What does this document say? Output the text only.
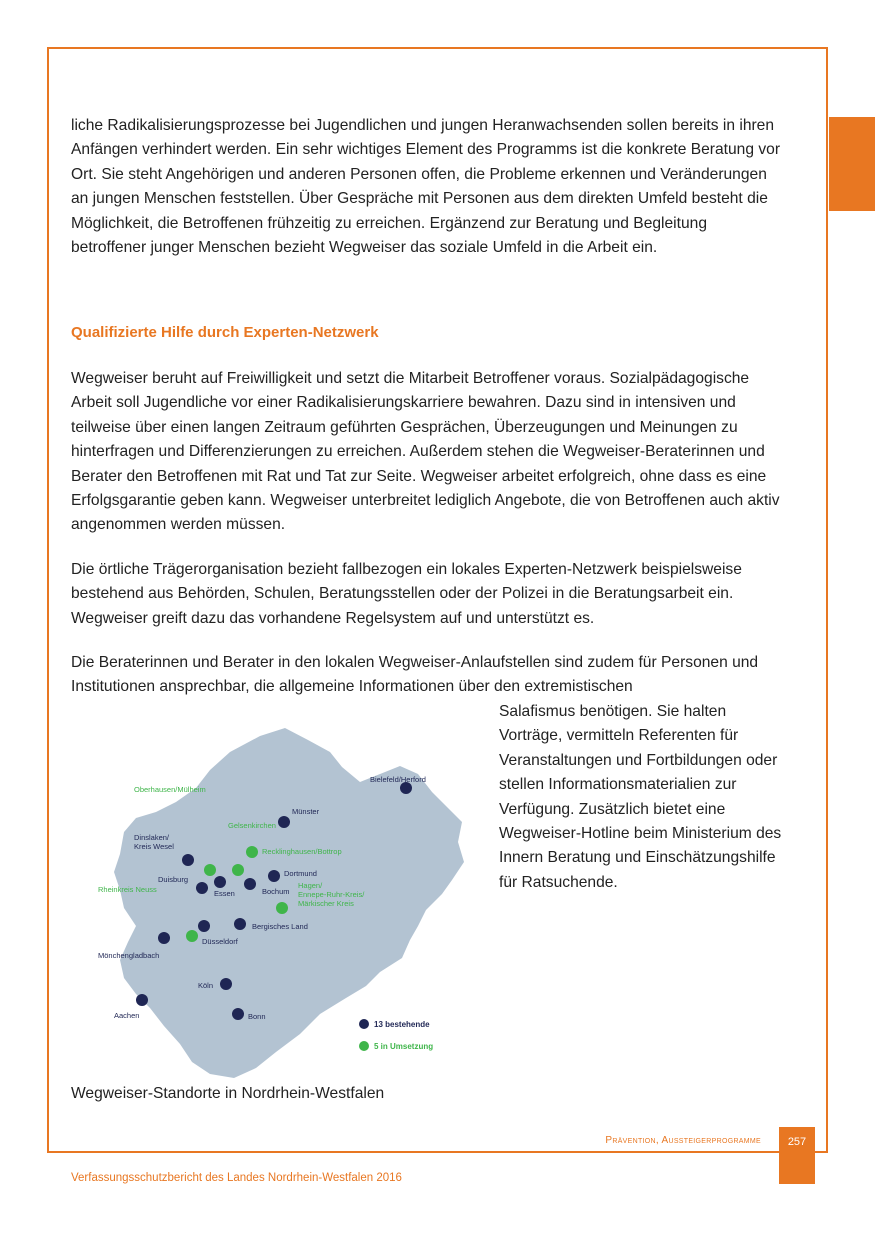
liche Radikalisierungsprozesse bei Jugendlichen und jungen Heranwachsenden sollen bereits in ihren Anfängen verhindert werden. Ein sehr wichtiges Element des Programms ist die konkrete Beratung vor Ort. Sie steht Angehörigen und anderen Personen offen, die Probleme erkennen und Veränderungen an jungen Menschen feststellen. Über Gespräche mit Personen aus dem direkten Umfeld besteht die Möglichkeit, die Betroffenen frühzeitig zu erreichen. Ergänzend zur Beratung und Begleitung betroffener junger Menschen bezieht Wegweiser das soziale Umfeld in die Arbeit ein.

Qualifizierte Hilfe durch Experten-Netzwerk

Wegweiser beruht auf Freiwilligkeit und setzt die Mitarbeit Betroffener voraus. Sozialpädagogische Arbeit soll Jugendliche vor einer Radikalisierungskarriere bewahren. Dazu sind in intensiven und teilweise über einen langen Zeitraum geführten Gesprächen, Überzeugungen und Meinungen zu hinterfragen und Differenzierungen zu erreichen. Außerdem stehen die Wegweiser-Beraterinnen und Berater den Betroffenen mit Rat und Tat zur Seite. Wegweiser arbeitet erfolgreich, ohne dass es eine Erfolgsgarantie geben kann. Wegweiser unterbreitet lediglich Angebote, die von Betroffenen auch aktiv angenommen werden müssen.

Die örtliche Trägerorganisation bezieht fallbezogen ein lokales Experten-Netzwerk beispielsweise bestehend aus Behörden, Schulen, Beratungsstellen oder der Polizei in die Beratungsarbeit ein. Wegweiser greift dazu das vorhandene Regelsystem auf und unterstützt es.

Die Beraterinnen und Berater in den lokalen Wegweiser-Anlaufstellen sind zudem für Personen und Institutionen ansprechbar, die allgemeine Informationen über den extremistischen

Salafismus benötigen. Sie halten Vorträge, vermitteln Referenten für Veranstaltungen und Fortbildungen oder stellen Informationsmaterialien zur Verfügung. Zusätzlich bietet eine Wegweiser-Hotline beim Ministerium des Innern Beratung und Einschätzungshilfe für Ratsuchende.

Bielefeld/Herford
Münster
Dinslaken/ Kreis Wesel
Duisburg
Essen	Bochum
Dortmund
Düsseldorf
Bergisches Land
Mönchengladbach
Köln
Aachen	Bonn
Oberhausen/Mülheim
Gelsenkirchen
Recklinghausen/Bottrop
Hagen/ Ennepe-Ruhr-Kreis/ Märkischer Kreis
Rheinkreis Neuss
13 bestehende
5 in Umsetzung
Wegweiser-Standorte in Nordrhein-Westfalen
Prävention, Aussteigerprogramme	257
Verfassungsschutzbericht des Landes Nordrhein-Westfalen 2016
